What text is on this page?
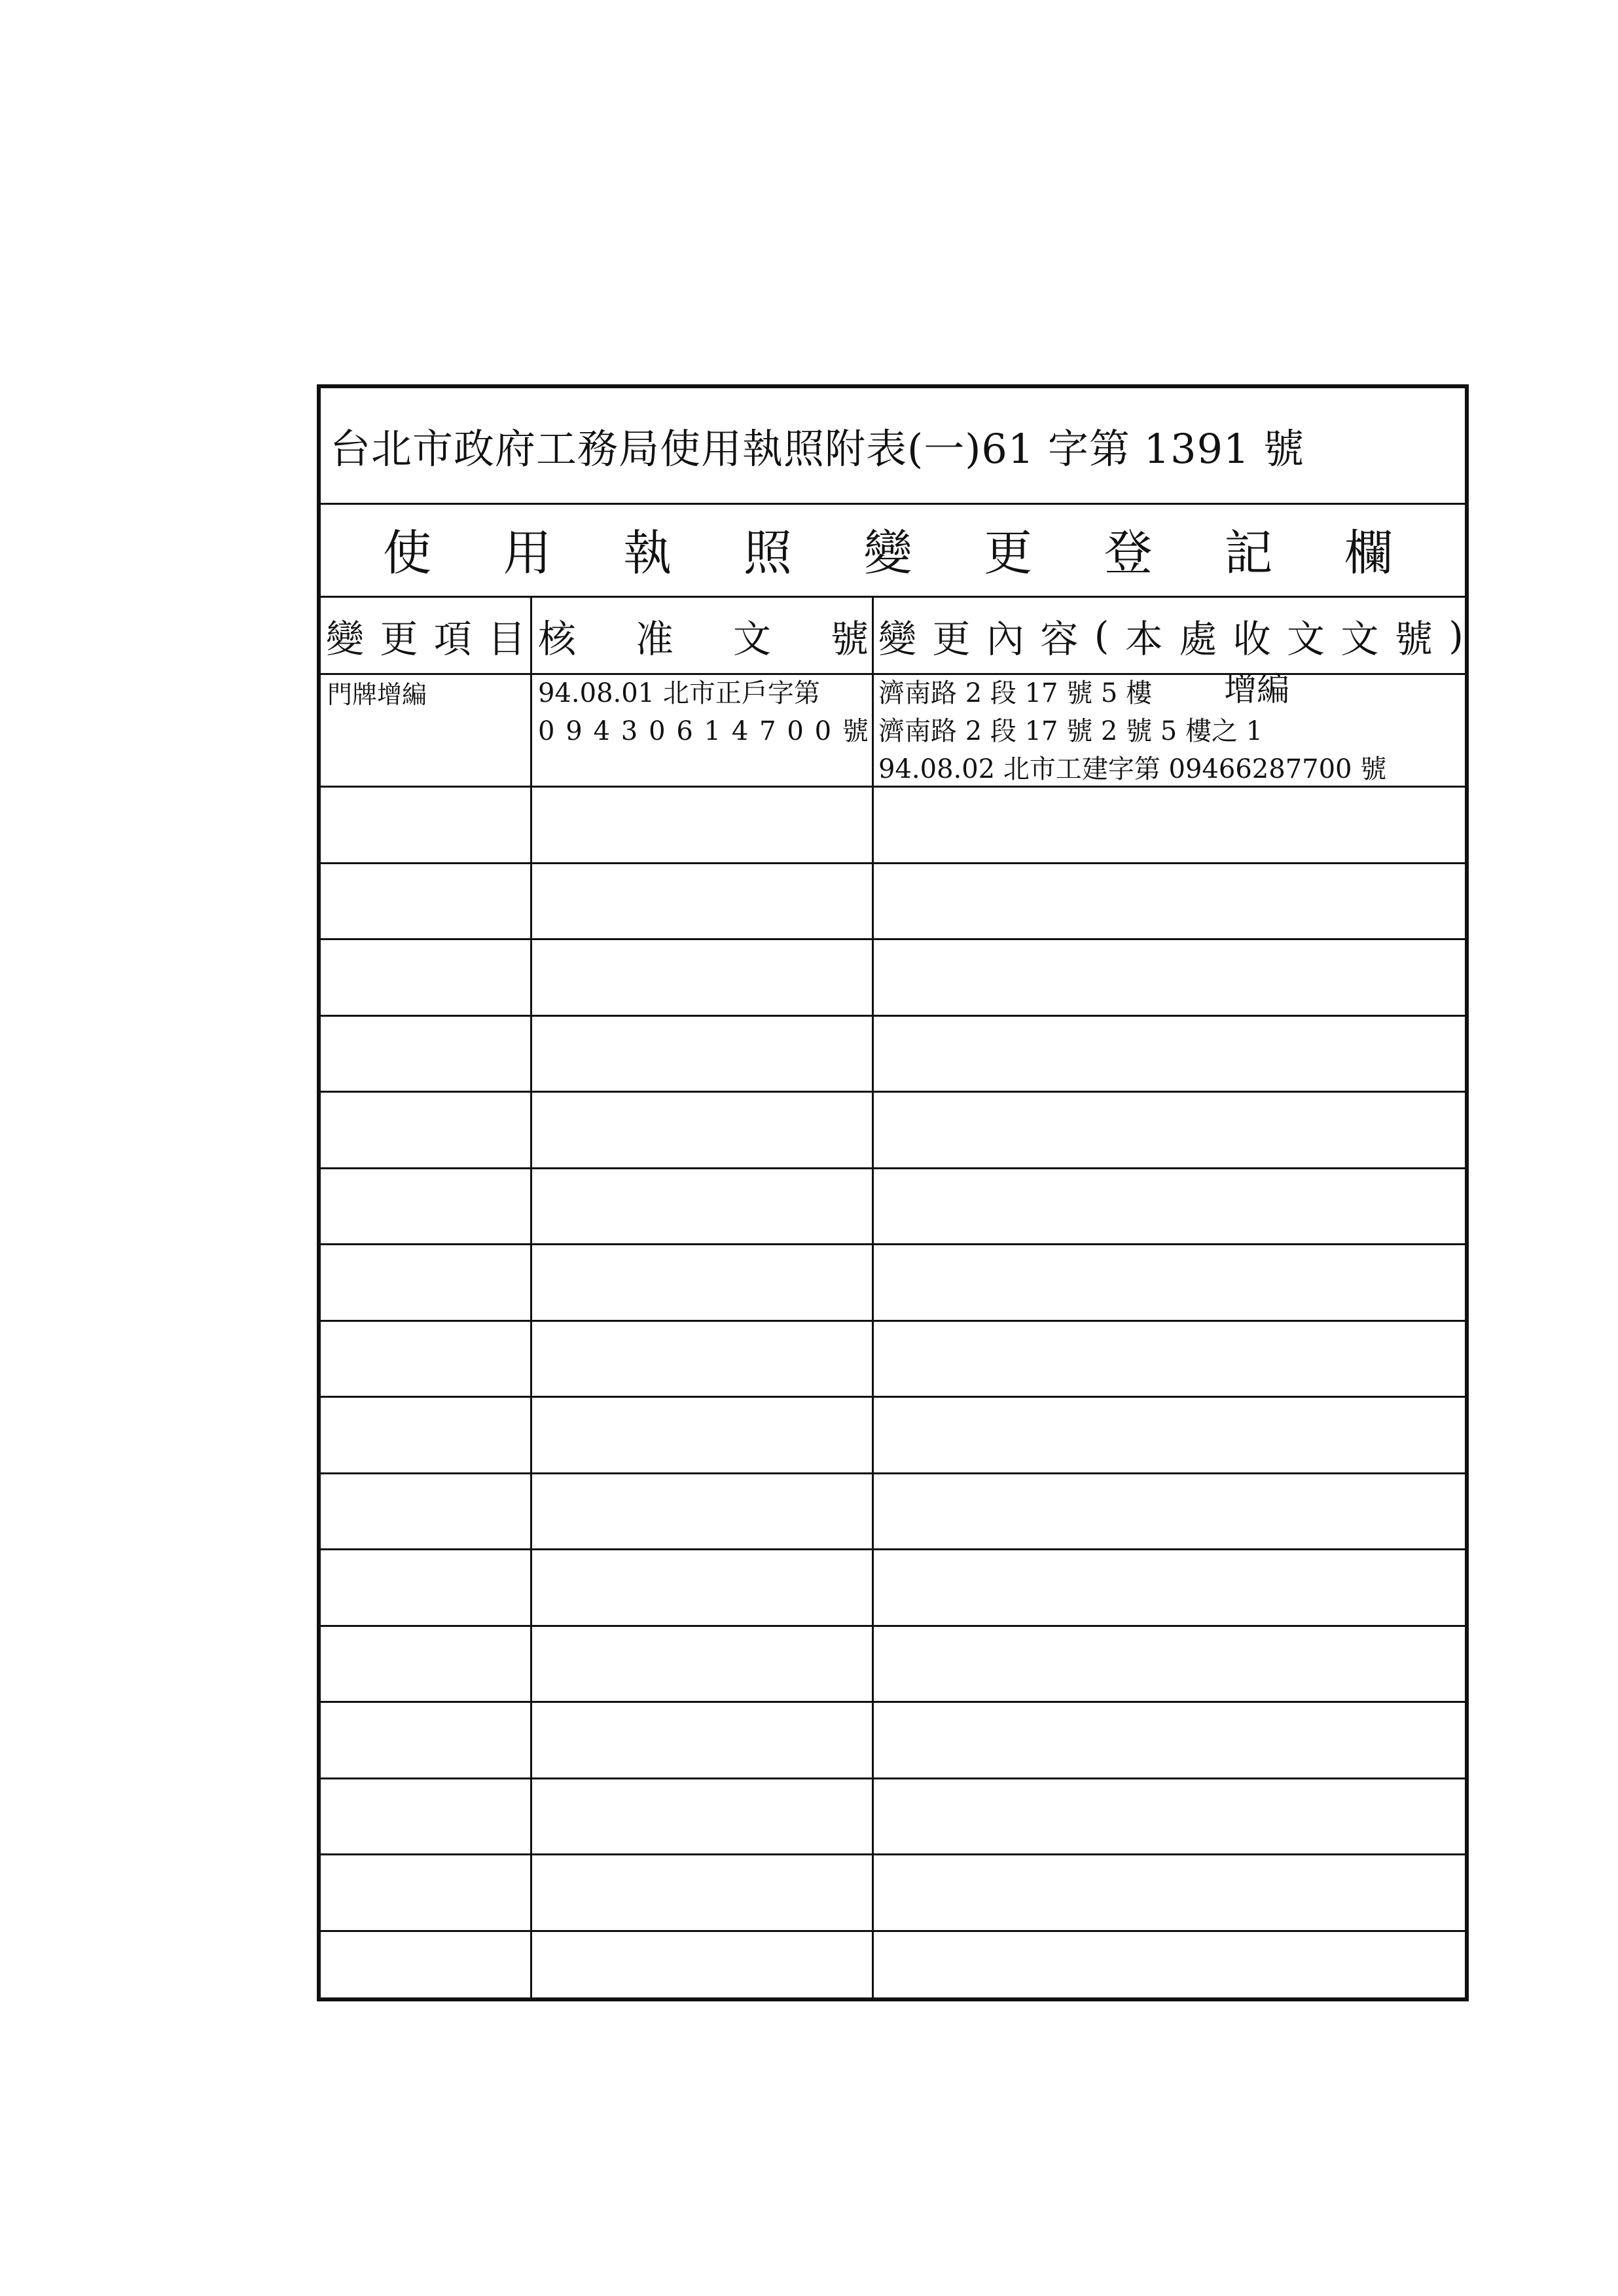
台北市政府工務局使用執照附表(一)61 字第 1391 號
使 用 執 照 變 更 登 記 欄
變 更 項 目 核 准 文 號 變 更 內 容 ( 本 處 收 文 文 號 )
門牌增編	94.08.01 北市正戶字第
0 9 4 3 0 6 1 4 7 0 0 號
濟南路 2 段 17 號 5 樓 增編
濟南路 2 段 17 號 2 號 5 樓之 1
94.08.02 北市工建字第 09466287700 號
